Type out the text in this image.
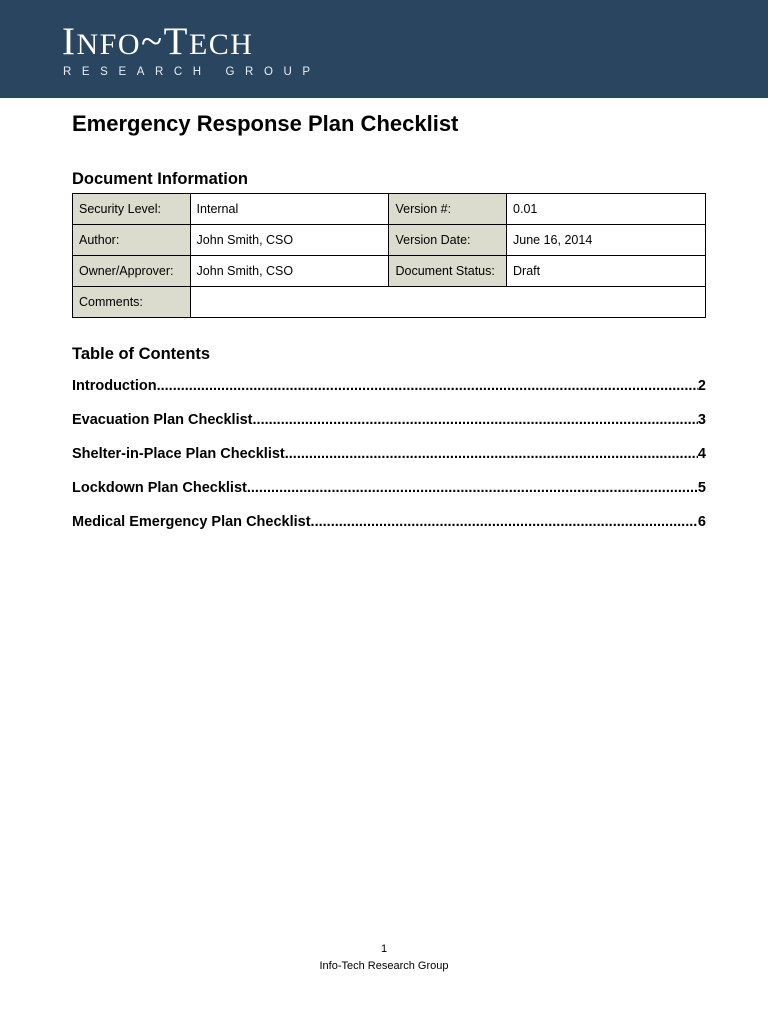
INFO~TECH
RESEARCH GROUP
Emergency Response Plan Checklist
Document Information
Security Level:	Internal	Version #:	0.01
Author:	John Smith, CSO	Version Date:	June 16, 2014
Owner/Approver:	John Smith, CSO	Document Status:	Draft
Comments:			
Table of Contents
Introduction .....	2
Evacuation Plan Checklist .....	3
Shelter-in-Place Plan Checklist .....	4
Lockdown Plan Checklist .....	5
Medical Emergency Plan Checklist .....	6
1
Info-Tech Research Group
